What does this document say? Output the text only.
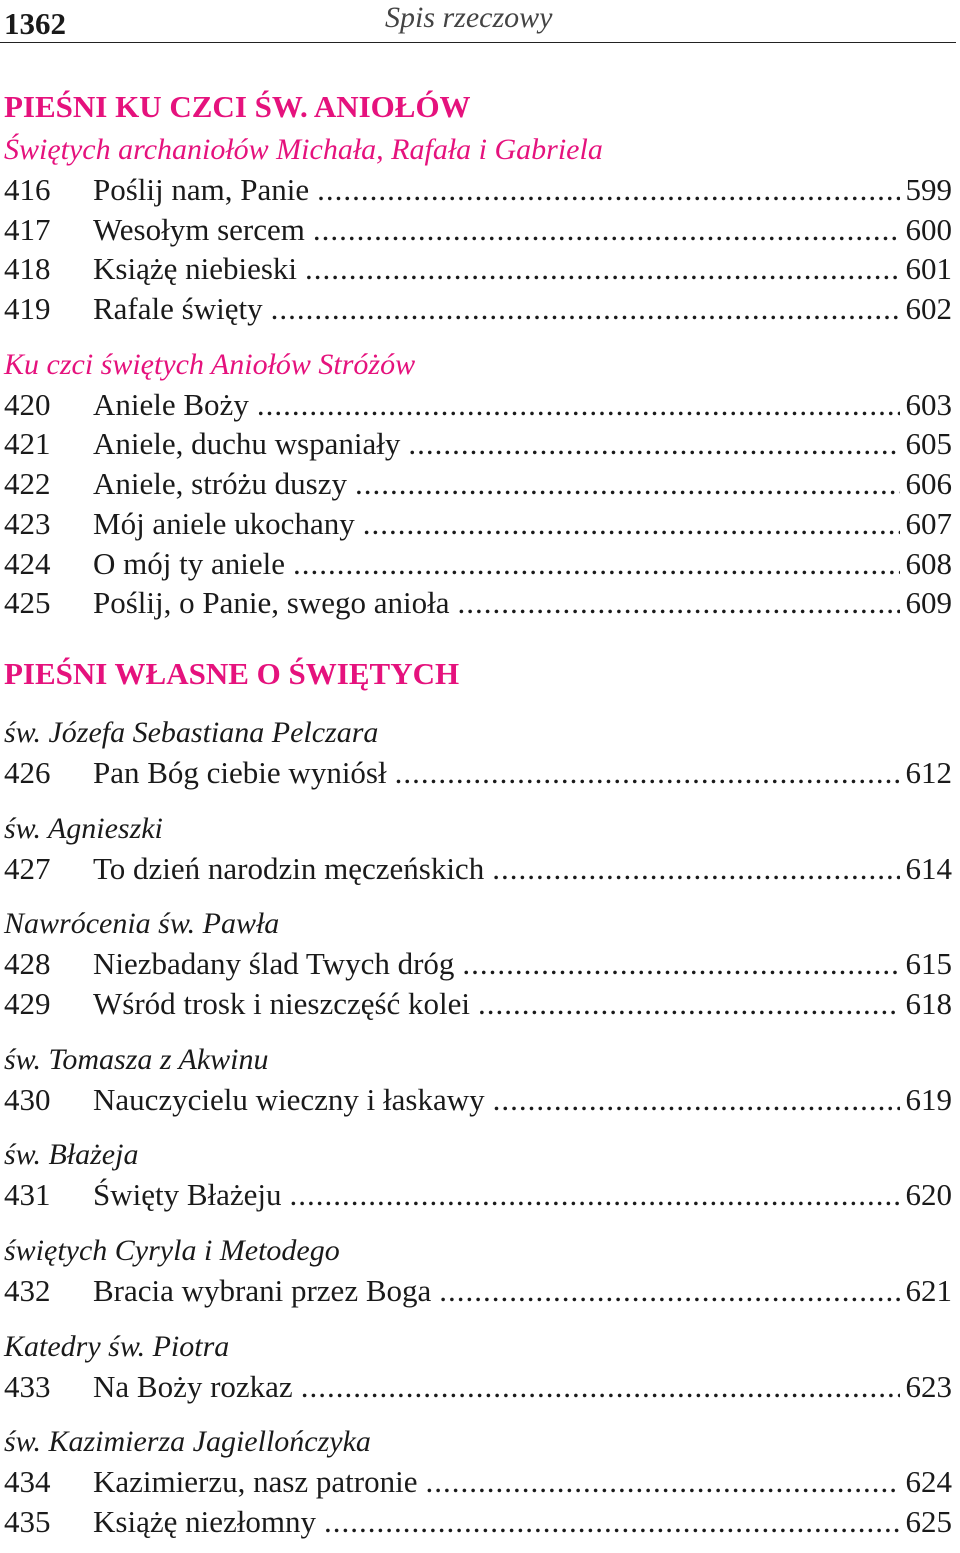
1362	Spis rzeczowy
PIEŚNI KU CZCI ŚW. ANIOŁÓW
Świętych archaniołów Michała, Rafała i Gabriela
416	Poślij nam, Panie .....	599
417	Wesołym sercem .....	600
418	Książę niebieski .....	601
419	Rafale święty .....	602
Ku czci świętych Aniołów Stróżów
420	Aniele Boży .....	603
421	Aniele, duchu wspaniały .....	605
422	Aniele, stróżu duszy .....	606
423	Mój aniele ukochany .....	607
424	O mój ty aniele .....	608
425	Poślij, o Panie, swego anioła .....	609
PIEŚNI WŁASNE O ŚWIĘTYCH
św. Józefa Sebastiana Pelczara
426	Pan Bóg ciebie wyniósł .....	612
św. Agnieszki
427	To dzień narodzin męczeńskich .....	614
Nawrócenia św. Pawła
428	Niezbadany ślad Twych dróg .....	615
429	Wśród trosk i nieszczęść kolei .....	618
św. Tomasza z Akwinu
430	Nauczycielu wieczny i łaskawy .....	619
św. Błażeja
431	Święty Błażeju .....	620
świętych Cyryla i Metodego
432	Bracia wybrani przez Boga .....	621
Katedry św. Piotra
433	Na Boży rozkaz .....	623
św. Kazimierza Jagiellończyka
434	Kazimierzu, nasz patronie .....	624
435	Książę niezłomny .....	625
